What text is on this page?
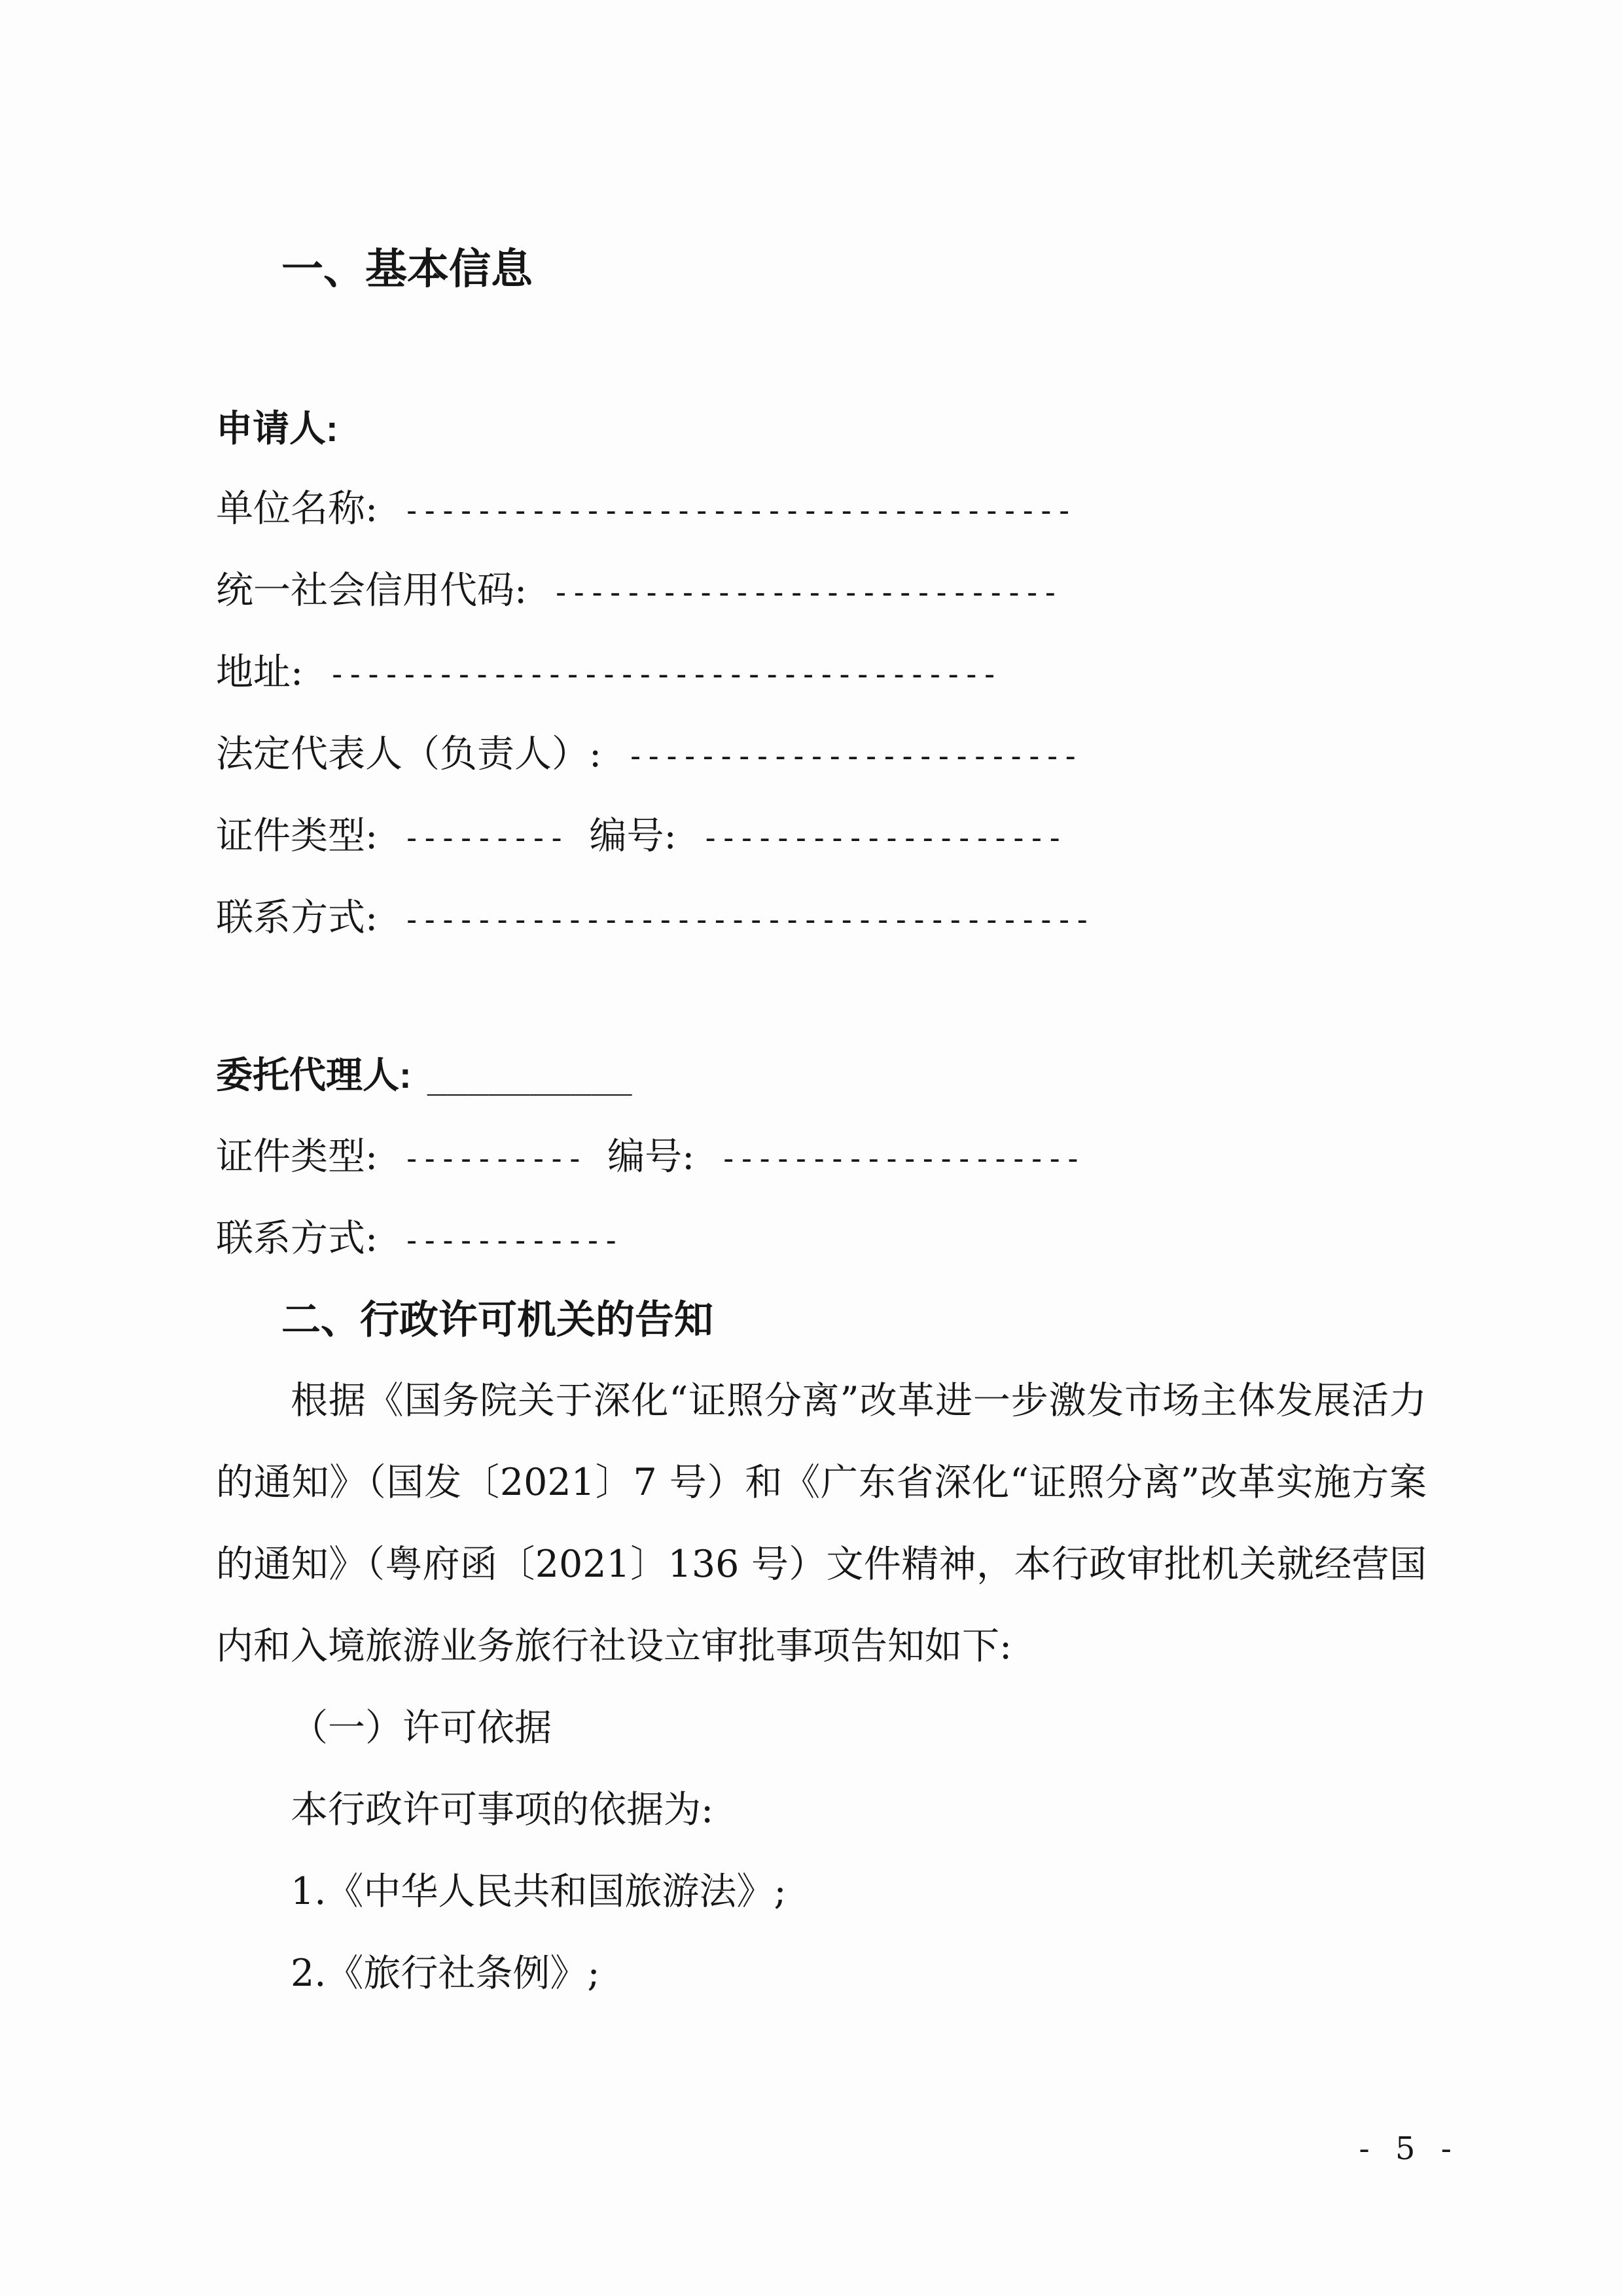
一、基本信息
申请人:
单位名称: -------------------------------------
统一社会信用代码: ----------------------------
地址: -------------------------------------
法定代表人（负责人）: -------------------------
证件类型: --------- 编号: --------------------
联系方式: --------------------------------------
委托代理人: __________
证件类型: ---------- 编号: --------------------
联系方式: ------------
二、行政许可机关的告知

根据《国务院关于深化“证照分离”改革进一步激发市场主体发展活力的通知》（国发〔2021〕7 号）和《广东省深化“证照分离”改革实施方案的通知》（粤府函〔2021〕136 号）文件精神，本行政审批机关就经营国内和入境旅游业务旅行社设立审批事项告知如下:

（一）许可依据
本行政许可事项的依据为:
1.《中华人民共和国旅游法》;
2.《旅行社条例》;
- 5 -
